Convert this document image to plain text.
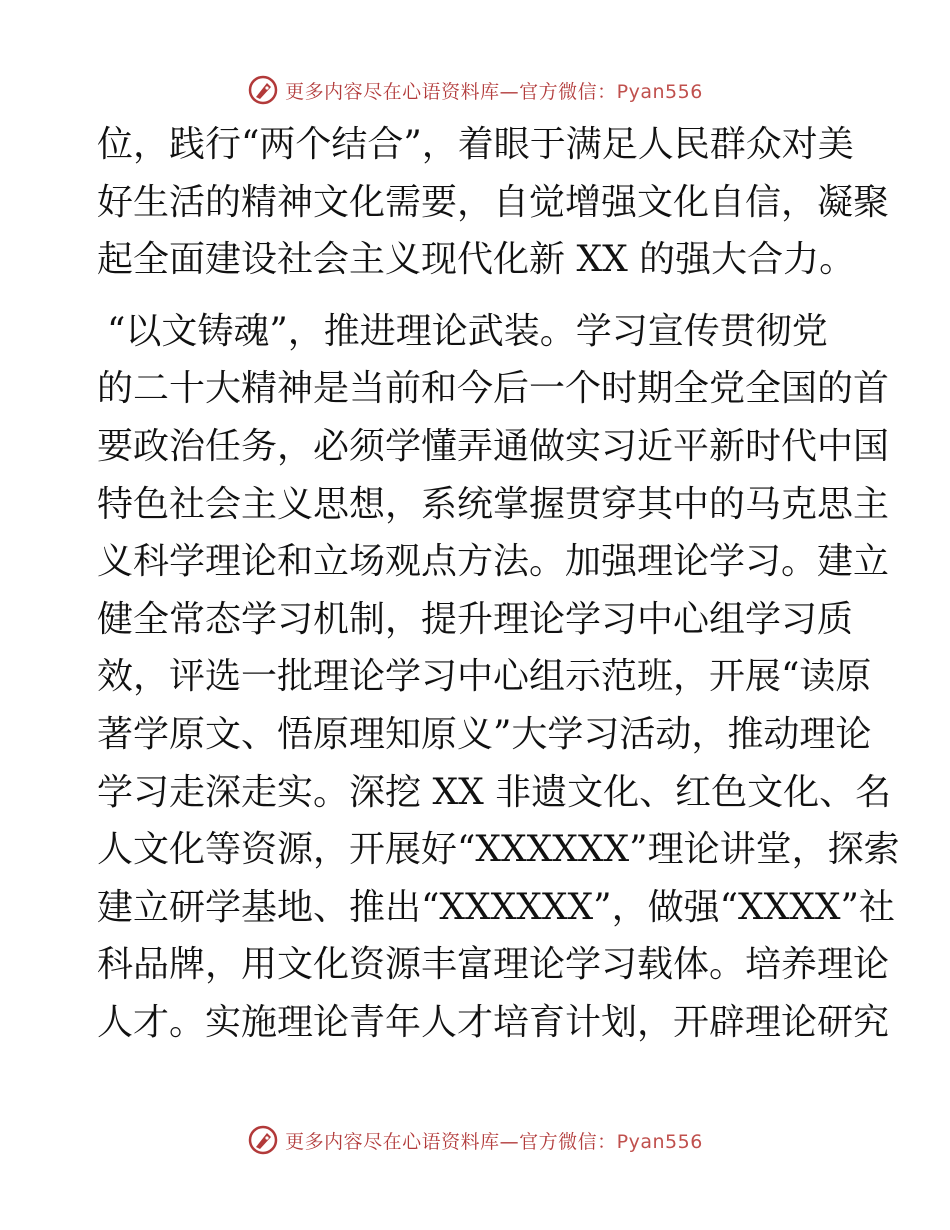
更多内容尽在心语资料库—官方微信：Pyan556

位，践行“两个结合”，着眼于满足人民群众对美
好生活的精神文化需要，自觉增强文化自信，凝聚
起全面建设社会主义现代化新 XX 的强大合力。

“以文铸魂”，推进理论武装。学习宣传贯彻党
的二十大精神是当前和今后一个时期全党全国的首
要政治任务，必须学懂弄通做实习近平新时代中国
特色社会主义思想，系统掌握贯穿其中的马克思主
义科学理论和立场观点方法。加强理论学习。建立
健全常态学习机制，提升理论学习中心组学习质
效，评选一批理论学习中心组示范班，开展“读原
著学原文、悟原理知原义”大学习活动，推动理论
学习走深走实。深挖 XX 非遗文化、红色文化、名
人文化等资源，开展好“XXXXXX”理论讲堂，探索
建立研学基地、推出“XXXXXX”，做强“XXXX”社
科品牌，用文化资源丰富理论学习载体。培养理论
人才。实施理论青年人才培育计划，开辟理论研究

更多内容尽在心语资料库—官方微信：Pyan556
